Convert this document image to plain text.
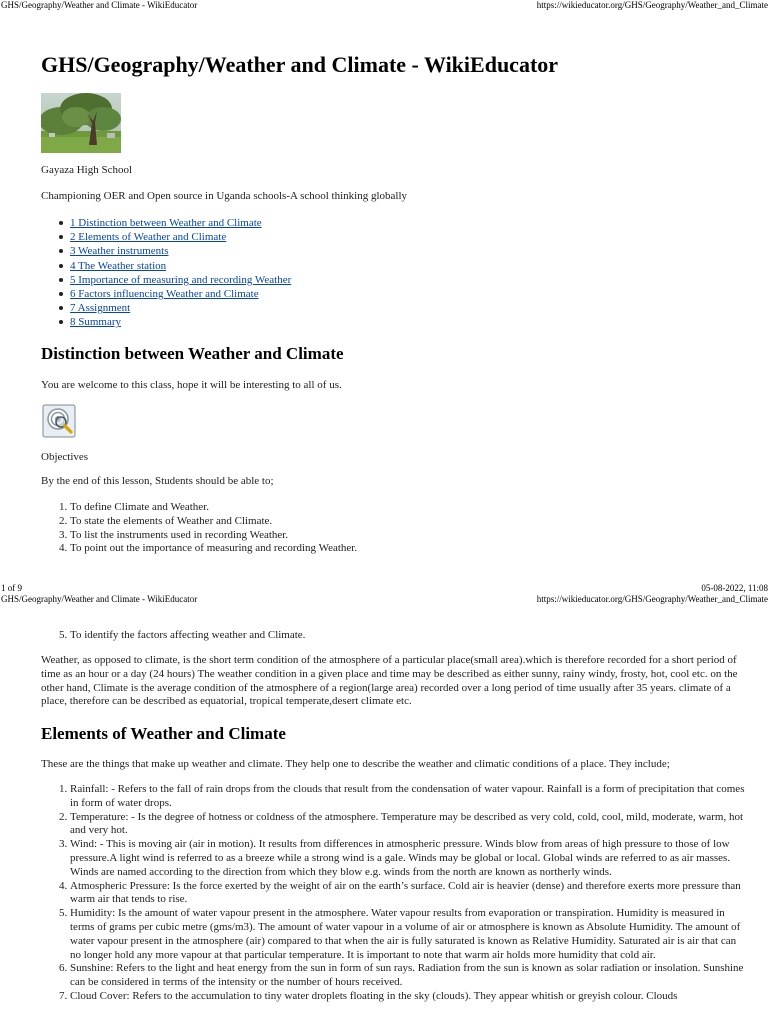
GHS/Geography/Weather and Climate - WikiEducator	https://wikieducator.org/GHS/Geography/Weather_and_Climate
GHS/Geography/Weather and Climate - WikiEducator

Gayaza High School

Championing OER and Open source in Uganda schools-A school thinking globally

1 Distinction between Weather and Climate
2 Elements of Weather and Climate
3 Weather instruments
4 The Weather station
5 Importance of measuring and recording Weather
6 Factors influencing Weather and Climate
7 Assignment
8 Summary
Distinction between Weather and Climate

You are welcome to this class, hope it will be interesting to all of us.

Objectives

By the end of this lesson, Students should be able to;

1. To define Climate and Weather.
2. To state the elements of Weather and Climate.
3. To list the instruments used in recording Weather.
4. To point out the importance of measuring and recording Weather.
1 of 9	05-08-2022, 11:08
GHS/Geography/Weather and Climate - WikiEducator	https://wikieducator.org/GHS/Geography/Weather_and_Climate
5. To identify the factors affecting weather and Climate.

Weather, as opposed to climate, is the short term condition of the atmosphere of a particular place(small area).which is therefore recorded for a short period of time as an hour or a day (24 hours) The weather condition in a given place and time may be described as either sunny, rainy windy, frosty, hot, cool etc. on the other hand, Climate is the average condition of the atmosphere of a region(large area) recorded over a long period of time usually after 35 years. climate of a place, therefore can be described as equatorial, tropical temperate,desert climate etc.

Elements of Weather and Climate

These are the things that make up weather and climate. They help one to describe the weather and climatic conditions of a place. They include;

1. Rainfall: - Refers to the fall of rain drops from the clouds that result from the condensation of water vapour. Rainfall is a form of precipitation that comes in form of water drops.
2. Temperature: - Is the degree of hotness or coldness of the atmosphere. Temperature may be described as very cold, cold, cool, mild, moderate, warm, hot and very hot.
3. Wind: - This is moving air (air in motion). It results from differences in atmospheric pressure. Winds blow from areas of high pressure to those of low pressure.A light wind is referred to as a breeze while a strong wind is a gale. Winds may be global or local. Global winds are referred to as air masses. Winds are named according to the direction from which they blow e.g. winds from the north are known as northerly winds.
4. Atmospheric Pressure: Is the force exerted by the weight of air on the earth’s surface. Cold air is heavier (dense) and therefore exerts more pressure than warm air that tends to rise.
5. Humidity: Is the amount of water vapour present in the atmosphere. Water vapour results from evaporation or transpiration. Humidity is measured in terms of grams per cubic metre (gms/m3). The amount of water vapour in a volume of air or atmosphere is known as Absolute Humidity. The amount of water vapour present in the atmosphere (air) compared to that when the air is fully saturated is known as Relative Humidity. Saturated air is air that can no longer hold any more vapour at that particular temperature. It is important to note that warm air holds more humidity that cold air.
6. Sunshine: Refers to the light and heat energy from the sun in form of sun rays. Radiation from the sun is known as solar radiation or insolation. Sunshine can be considered in terms of the intensity or the number of hours received.
7. Cloud Cover: Refers to the accumulation to tiny water droplets floating in the sky (clouds). They appear whitish or greyish colour. Clouds
